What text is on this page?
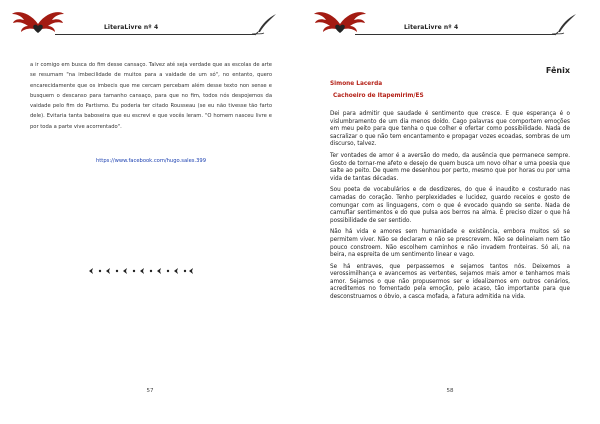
LiteraLivre nº 4

a ir comigo em busca do fim desse cansaço. Talvez até seja verdade que as escolas de arte se resumam "na imbecilidade de muitos para a vaidade de um só", no entanto, quero encarecidamente que os imbecis que me cercam percebam além desse texto non sense e busquem o descanso para tamanho cansaço, para que no fim, todos nós despojemos da vaidade pelo fim do Partismo. Eu poderia ter citado Rousseau (se eu não tivesse tão farto dele). Evitaria tanta baboseira que eu escrevi e que vocês leram. "O homem nasceu livre e por toda a parte vive acorrentado".

https://www.facebook.com/hugo.sales.399
57
LiteraLivre nº 4
Fênix
Simone Lacerda
Cachoeiro de Itapemirim/ES

Dei para admitir que saudade é sentimento que cresce. E que esperança é o vislumbramento de um dia menos doído. Cago palavras que comportem emoções em meu peito para que tenha o que colher e ofertar como possibilidade. Nada de sacralizar o que não tem encantamento e propagar vozes ecoadas, sombras de um discurso, talvez.

Ter vontades de amor é a aversão do medo, da ausência que permanece sempre. Gosto de tornar-me afeto e desejo de quem busca um novo olhar e uma poesia que salte ao peito. De quem me desenhou por perto, mesmo que por horas ou por uma vida de tantas décadas.

Sou poeta de vocabulários e de desdizeres, do que é inaudito e costurado nas camadas do coração. Tenho perplexidades e lucidez, guardo receios e gosto de comungar com as linguagens, com o que é evocado quando se sente. Nada de camuflar sentimentos e do que pulsa aos berros na alma. É preciso dizer o que há possibilidade de ser sentido.

Não há vida e amores sem humanidade e existência, embora muitos só se permitem viver. Não se declaram e não se prescrevem. Não se delineiam nem tão pouco constroem. Não escolhem caminhos e não invadem fronteiras. Só ali, na beira, na espreita de um sentimento linear e vago.

Se há entraves, que perpassemos e sejamos tantos nós. Deixemos a verossimilhança e avancemos as vertentes, sejamos mais amor e tenhamos mais amor. Sejamos o que não propusermos ser e idealizemos em outros cenários, acreditemos no fomentado pela emoção, pelo acaso, tão importante para que desconstruamos o óbvio, a casca mofada, a fatura admitida na vida.

58
